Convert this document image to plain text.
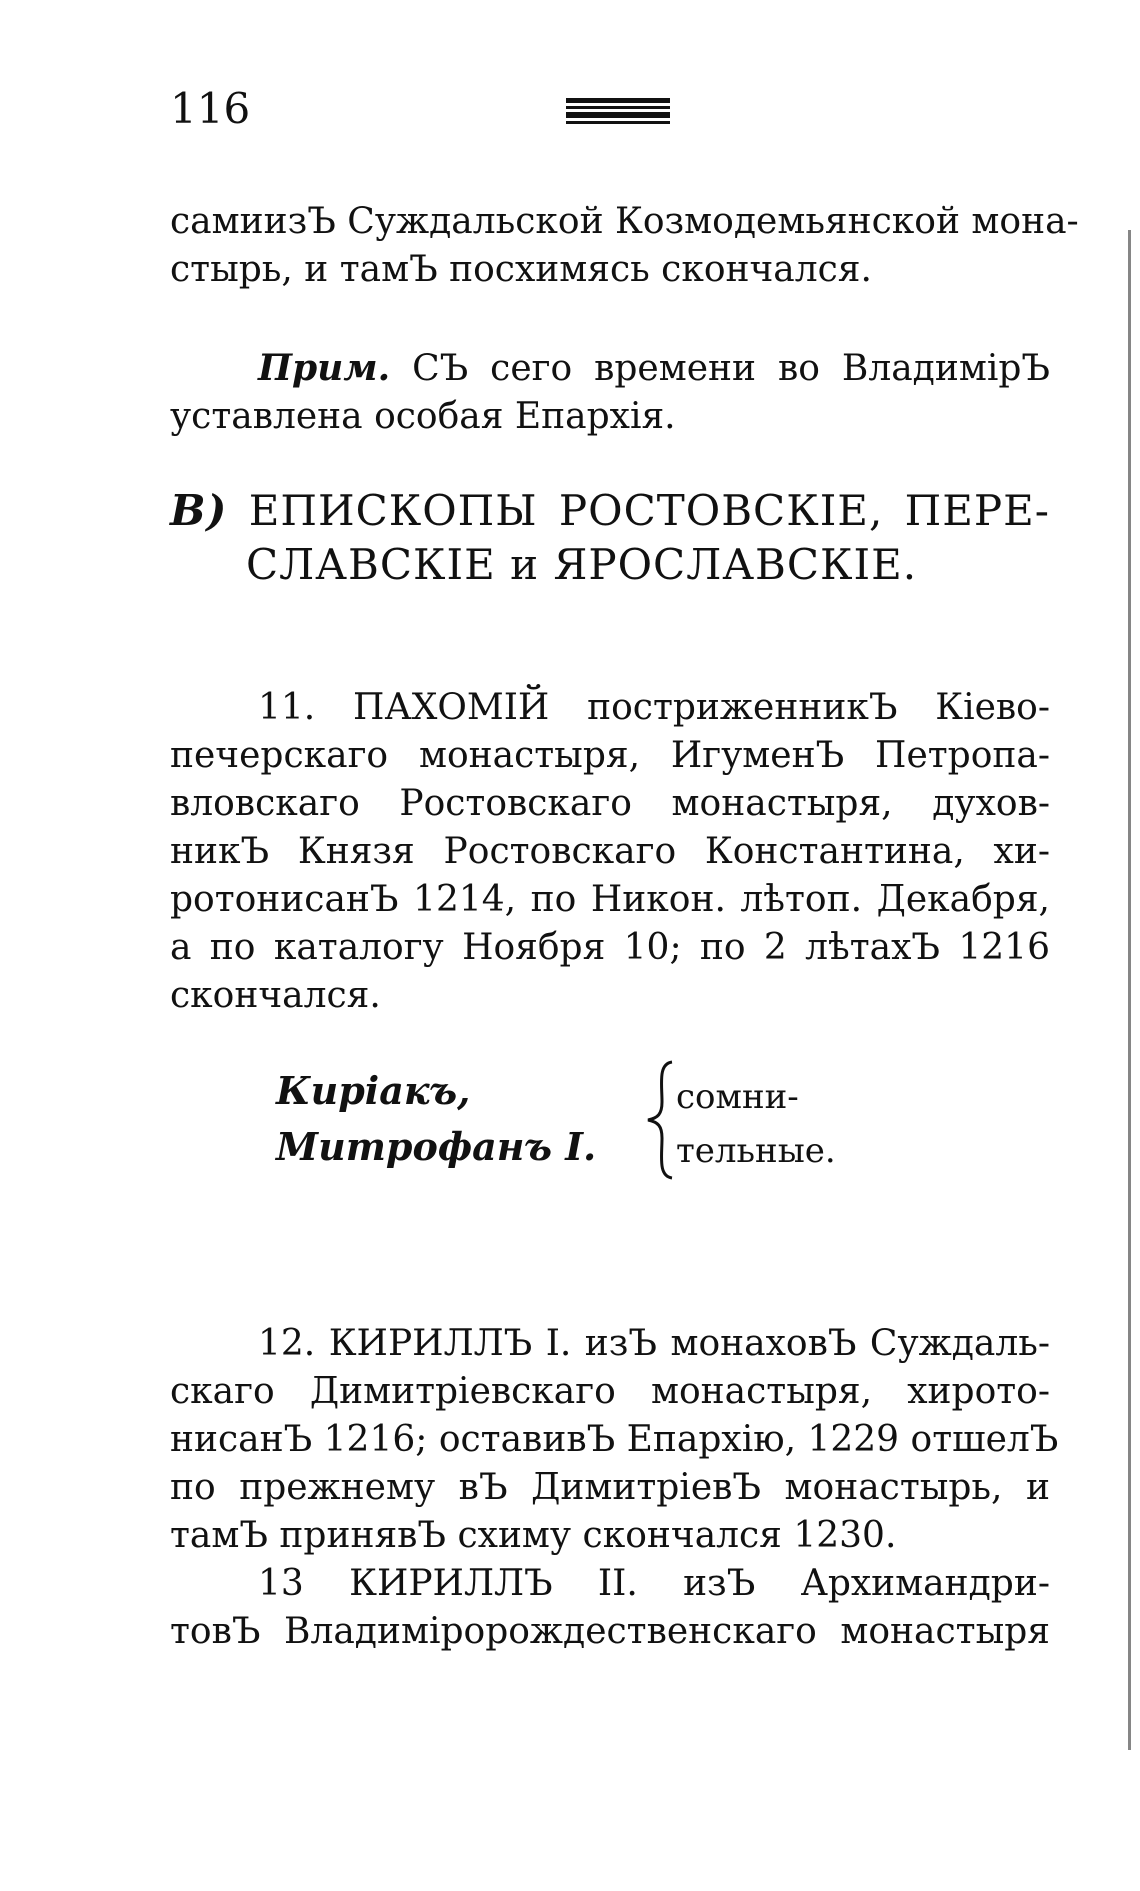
116

самиизЪ Суждальской Козмодемьянской мона-
стырь, и тамЪ посхимясь скончался.

Прим. СЪ сего времени во ВладимірЪ
уставлена особая Епархія.

В) ЕПИСКОПЫ РОСТОВСКІЕ, ПЕРЕ-
СЛАВСКІЕ и ЯРОСЛАВСКІЕ.

11. ПАХОМІЙ постриженникЪ Кіево-
печерскаго монастыря, ИгуменЪ Петропа-
вловскаго Ростовскаго монастыря, духов-
никЪ Князя Ростовскаго Константина, хи-
ротонисанЪ 1214, по Никон. лѣтоп. Декабря,
а по каталогу Ноября 10; по 2 лѣтахЪ 1216
скончался.

Киріакъ,
Митрофанъ I.
сомни-
тельные.

12. КИРИЛЛЪ I. изЪ монаховЪ Суждаль-
скаго Димитріевскаго монастыря, хирото-
нисанЪ 1216; оставивЪ Епархію, 1229 отшелЪ
по прежнему вЪ ДимитріевЪ монастырь, и
тамЪ принявЪ схиму скончался 1230.

13 КИРИЛЛЪ II. изЪ Архимандри-
товЪ Владиміророждественскаго монастыря
